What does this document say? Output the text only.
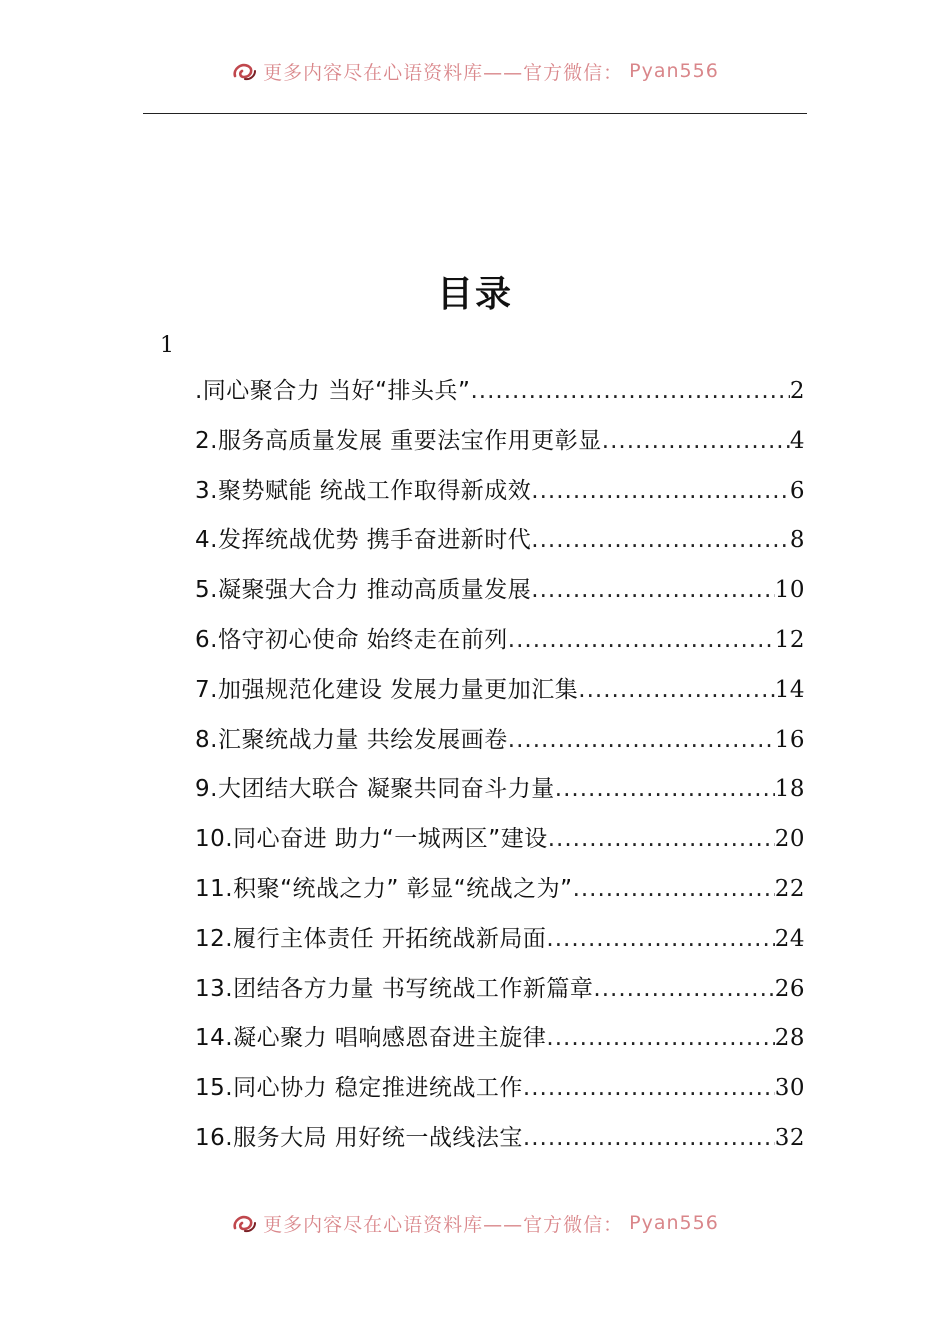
更多内容尽在心语资料库——官方微信： Pyan556
目录
1
.同心聚合力 当好“排头兵” .....	2
2.服务高质量发展 重要法宝作用更彰显 .....	4
3.聚势赋能 统战工作取得新成效 .....	6
4.发挥统战优势 携手奋进新时代 .....	8
5.凝聚强大合力 推动高质量发展 .....	10
6.恪守初心使命 始终走在前列 .....	12
7.加强规范化建设 发展力量更加汇集 .....	14
8.汇聚统战力量 共绘发展画卷 .....	16
9.大团结大联合 凝聚共同奋斗力量 .....	18
10.同心奋进 助力“一城两区”建设 .....	20
11.积聚“统战之力” 彰显“统战之为” .....	22
12.履行主体责任 开拓统战新局面 .....	24
13.团结各方力量 书写统战工作新篇章 .....	26
14.凝心聚力 唱响感恩奋进主旋律 .....	28
15.同心协力 稳定推进统战工作 .....	30
16.服务大局 用好统一战线法宝 .....	32
更多内容尽在心语资料库——官方微信： Pyan556
